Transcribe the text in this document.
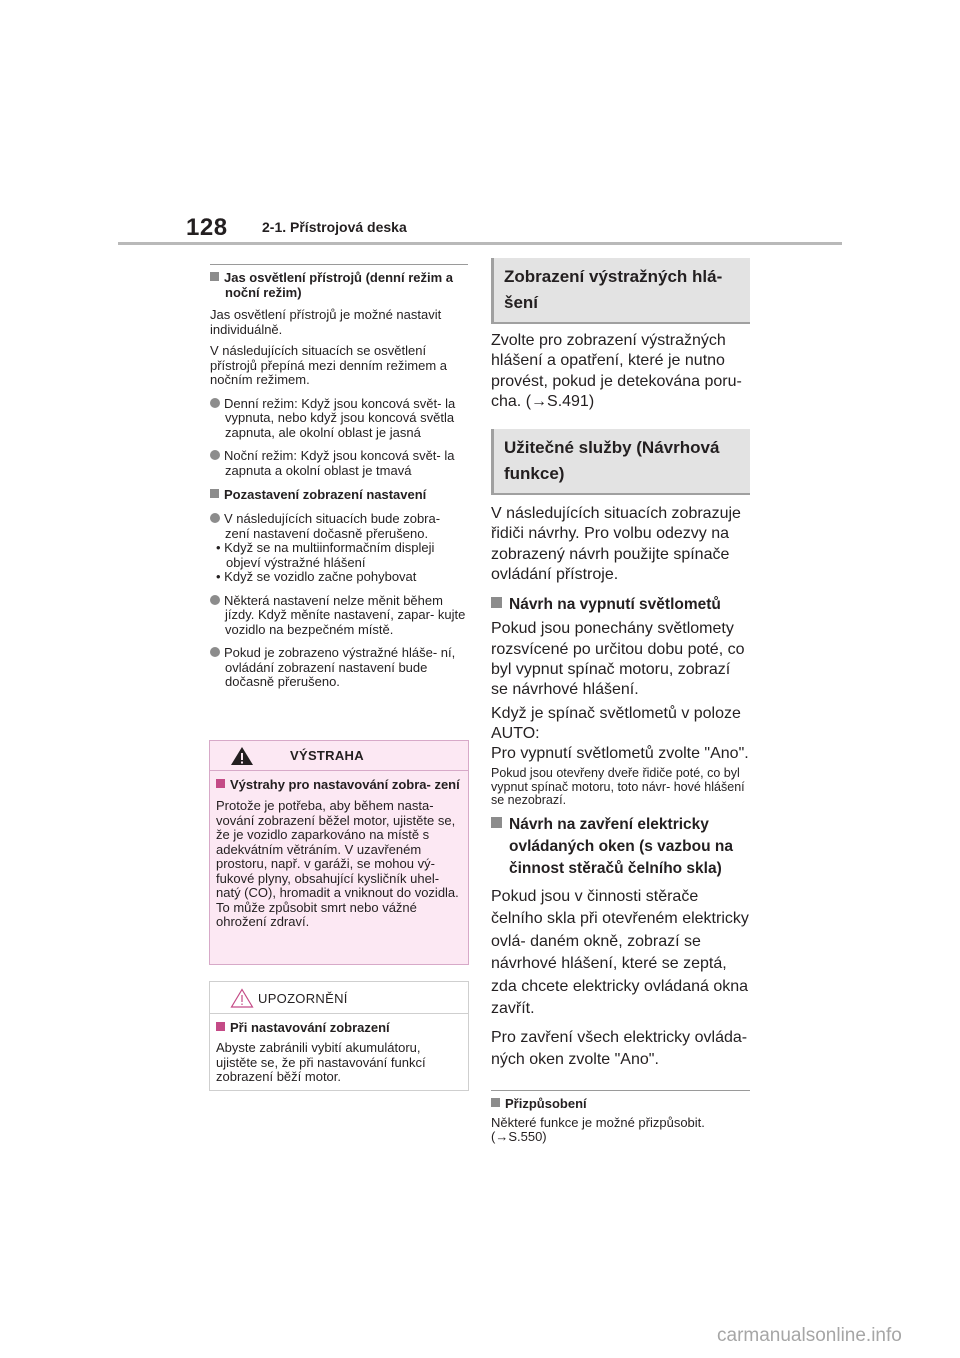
128 2-1. Přístrojová deska
Jas osvětlení přístrojů (denní režim a noční režim)
Jas osvětlení přístrojů je možné nastavit individuálně.
V následujících situacích se osvětlení přístrojů přepíná mezi denním režimem a nočním režimem.
Denní režim: Když jsou koncová svět- la vypnuta, nebo když jsou koncová světla zapnuta, ale okolní oblast je jasná
Noční režim: Když jsou koncová svět- la zapnuta a okolní oblast je tmavá
Pozastavení zobrazení nastavení
V následujících situacích bude zobra- zení nastavení dočasně přerušeno.
• Když se na multiinformačním displeji objeví výstražné hlášení
• Když se vozidlo začne pohybovat
Některá nastavení nelze měnit během jízdy. Když měníte nastavení, zapar- kujte vozidlo na bezpečném místě.
Pokud je zobrazeno výstražné hláše- ní, ovládání zobrazení nastavení bude dočasně přerušeno.
VÝSTRAHA
Výstrahy pro nastavování zobra- zení
Protože je potřeba, aby během nasta- vování zobrazení běžel motor, ujistěte se, že je vozidlo zaparkováno na místě s adekvátním větráním. V uzavřeném prostoru, např. v garáži, se mohou vý- fukové plyny, obsahující kysličník uhel- natý (CO), hromadit a vniknout do vozidla. To může způsobit smrt nebo vážné ohrožení zdraví.
UPOZORNĚNÍ
Při nastavování zobrazení
Abyste zabránili vybití akumulátoru, ujistěte se, že při nastavování funkcí zobrazení běží motor.
Zobrazení výstražných hlá- šení
Zvolte pro zobrazení výstražných hlášení a opatření, které je nutno provést, pokud je detekována poru- cha. (→S.491)
Užitečné služby (Návrhová funkce)
V následujících situacích zobrazuje řidiči návrhy. Pro volbu odezvy na zobrazený návrh použijte spínače ovládání přístroje.
Návrh na vypnutí světlometů
Pokud jsou ponechány světlomety rozsvícené po určitou dobu poté, co byl vypnut spínač motoru, zobrazí se návrhové hlášení.
Když je spínač světlometů v poloze AUTO:
Pro vypnutí světlometů zvolte "Ano".
Pokud jsou otevřeny dveře řidiče poté, co byl vypnut spínač motoru, toto návr- hové hlášení se nezobrazí.
Návrh na zavření elektricky ovládaných oken (s vazbou na činnost stěračů čelního skla)
Pokud jsou v činnosti stěrače čelního skla při otevřeném elektricky ovlá- daném okně, zobrazí se návrhové hlášení, které se zeptá, zda chcete elektricky ovládaná okna zavřít.
Pro zavření všech elektricky ovláda- ných oken zvolte "Ano".
Přizpůsobení
Některé funkce je možné přizpůsobit. (→S.550)
carmanualsonline.info
